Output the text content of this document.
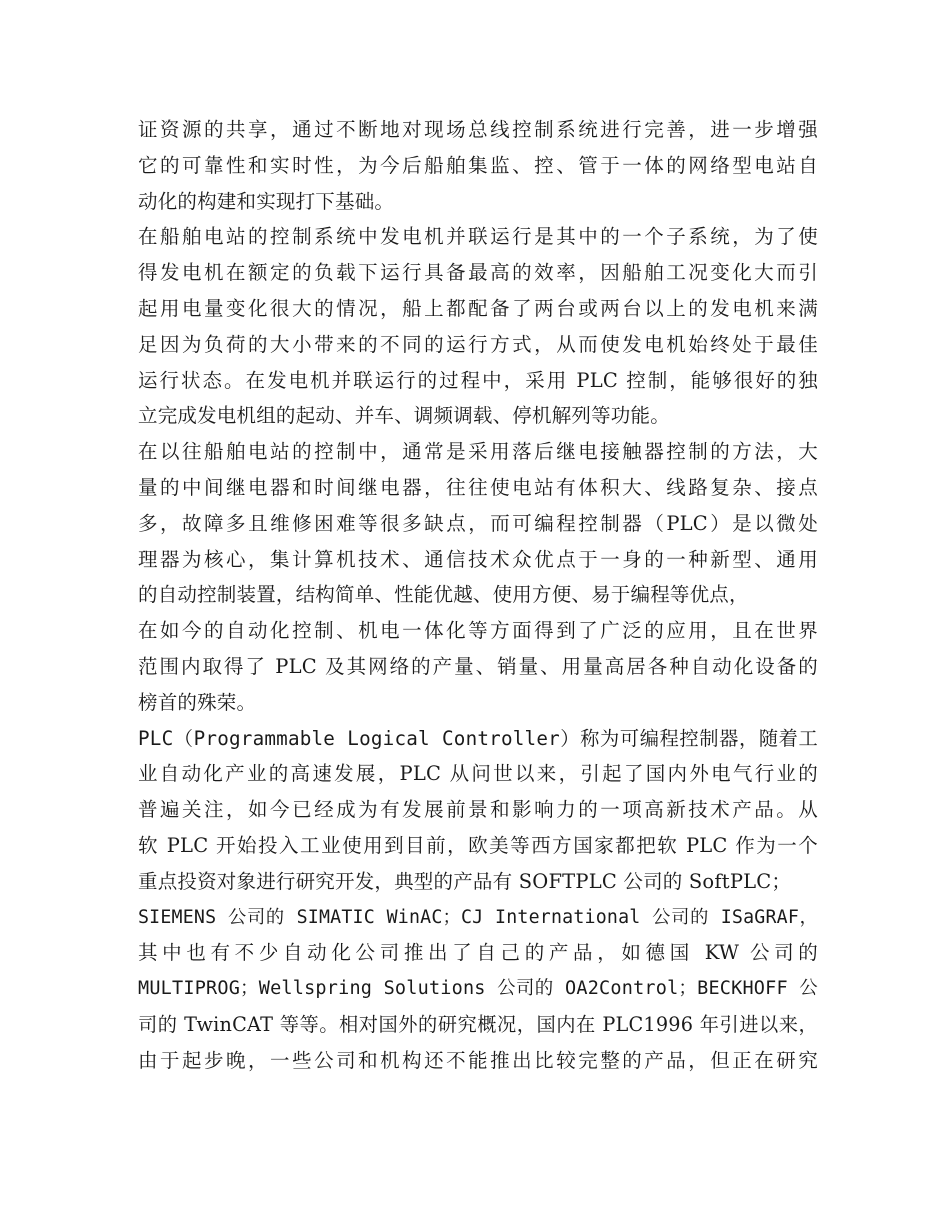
证资源的共享，通过不断地对现场总线控制系统进行完善，进一步增强
它的可靠性和实时性，为今后船舶集监、控、管于一体的网络型电站自
动化的构建和实现打下基础。
在船舶电站的控制系统中发电机并联运行是其中的一个子系统，为了使
得发电机在额定的负载下运行具备最高的效率，因船舶工况变化大而引
起用电量变化很大的情况，船上都配备了两台或两台以上的发电机来满
足因为负荷的大小带来的不同的运行方式，从而使发电机始终处于最佳
运行状态。在发电机并联运行的过程中，采用 PLC 控制，能够很好的独
立完成发电机组的起动、并车、调频调载、停机解列等功能。
在以往船舶电站的控制中，通常是采用落后继电接触器控制的方法，大
量的中间继电器和时间继电器，往往使电站有体积大、线路复杂、接点
多，故障多且维修困难等很多缺点，而可编程控制器（PLC）是以微处
理器为核心，集计算机技术、通信技术众优点于一身的一种新型、通用
的自动控制装置，结构简单、性能优越、使用方便、易于编程等优点，
在如今的自动化控制、机电一体化等方面得到了广泛的应用，且在世界
范围内取得了 PLC 及其网络的产量、销量、用量高居各种自动化设备的
榜首的殊荣。
PLC（Programmable Logical Controller）称为可编程控制器，随着工
业自动化产业的高速发展，PLC 从问世以来，引起了国内外电气行业的
普遍关注，如今已经成为有发展前景和影响力的一项高新技术产品。从
软 PLC 开始投入工业使用到目前，欧美等西方国家都把软 PLC 作为一个
重点投资对象进行研究开发，典型的产品有 SOFTPLC 公司的 SoftPLC；
SIEMENS 公司的 SIMATIC WinAC；CJ International 公司的 ISaGRAF，
其中也有不少自动化公司推出了自己的产品，如德国 KW 公司的
MULTIPROG；Wellspring Solutions 公司的 OA2Control；BECKHOFF 公
司的 TwinCAT 等等。相对国外的研究概况，国内在 PLC1996 年引进以来，
由于起步晚，一些公司和机构还不能推出比较完整的产品，但正在研究
